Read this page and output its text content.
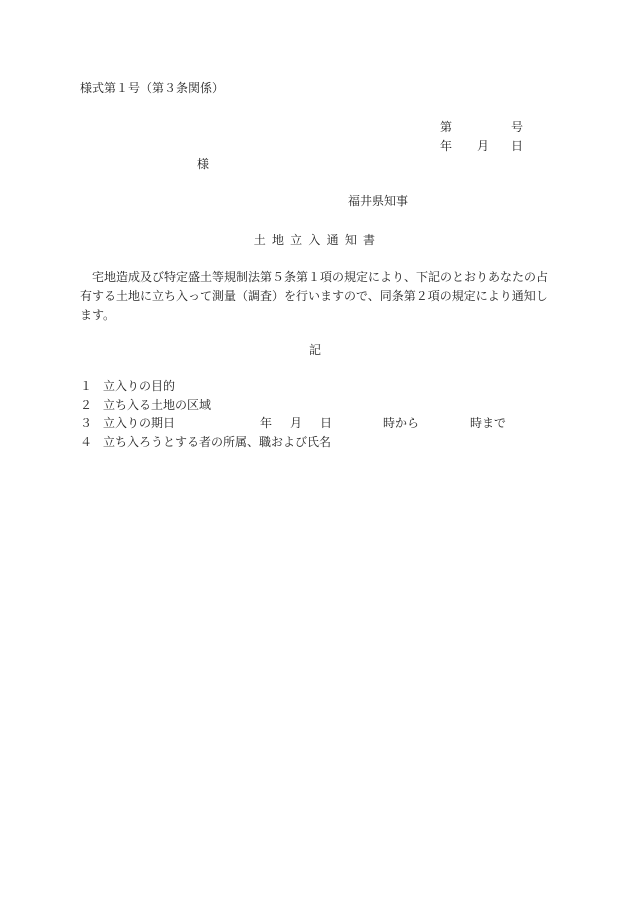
様式第１号（第３条関係）
第	号
年 月 日
様
福井県知事
土 地 立 入 通 知 書
　宅地造成及び特定盛土等規制法第５条第１項の規定により、下記のとおりあなたの占
有する土地に立ち入って測量（調査）を行いますので、同条第２項の規定により通知し
ます。
記
１ 立入りの目的
２ 立ち入る土地の区域
３ 立入りの期日	年 月 日	時から	時まで
４ 立ち入ろうとする者の所属、職および氏名
